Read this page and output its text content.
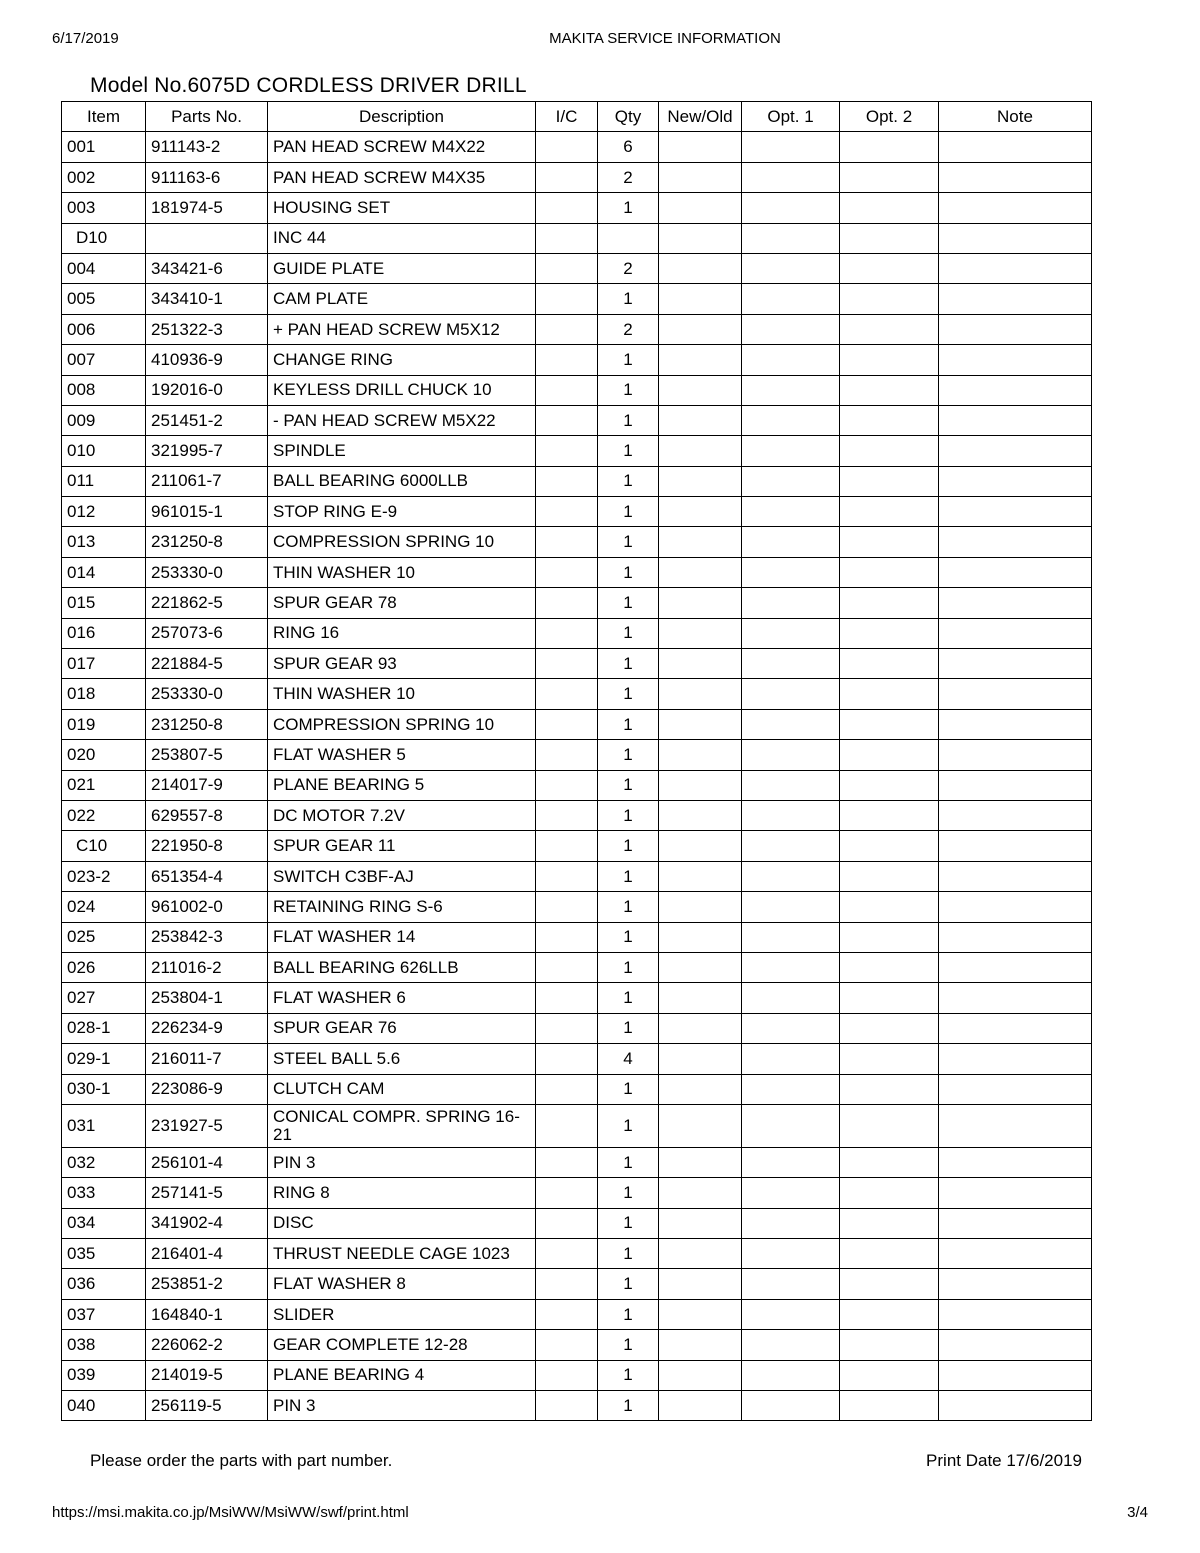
6/17/2019	MAKITA SERVICE INFORMATION
Model No.6075D CORDLESS DRIVER DRILL
Item	Parts No.	Description	I/C	Qty	New/Old	Opt. 1	Opt. 2	Note
001	911143-2	PAN HEAD SCREW M4X22		6				
002	911163-6	PAN HEAD SCREW M4X35		2				
003	181974-5	HOUSING SET		1				
D10		INC 44						
004	343421-6	GUIDE PLATE		2				
005	343410-1	CAM PLATE		1				
006	251322-3	+ PAN HEAD SCREW M5X12		2				
007	410936-9	CHANGE RING		1				
008	192016-0	KEYLESS DRILL CHUCK 10		1				
009	251451-2	- PAN HEAD SCREW M5X22		1				
010	321995-7	SPINDLE		1				
011	211061-7	BALL BEARING 6000LLB		1				
012	961015-1	STOP RING E-9		1				
013	231250-8	COMPRESSION SPRING 10		1				
014	253330-0	THIN WASHER 10		1				
015	221862-5	SPUR GEAR 78		1				
016	257073-6	RING 16		1				
017	221884-5	SPUR GEAR 93		1				
018	253330-0	THIN WASHER 10		1				
019	231250-8	COMPRESSION SPRING 10		1				
020	253807-5	FLAT WASHER 5		1				
021	214017-9	PLANE BEARING 5		1				
022	629557-8	DC MOTOR 7.2V		1				
C10	221950-8	SPUR GEAR 11		1				
023-2	651354-4	SWITCH C3BF-AJ		1				
024	961002-0	RETAINING RING S-6		1				
025	253842-3	FLAT WASHER 14		1				
026	211016-2	BALL BEARING 626LLB		1				
027	253804-1	FLAT WASHER 6		1				
028-1	226234-9	SPUR GEAR 76		1				
029-1	216011-7	STEEL BALL 5.6		4				
030-1	223086-9	CLUTCH CAM		1				
031	231927-5	CONICAL COMPR. SPRING 16-21		1				
032	256101-4	PIN 3		1				
033	257141-5	RING 8		1				
034	341902-4	DISC		1				
035	216401-4	THRUST NEEDLE CAGE 1023		1				
036	253851-2	FLAT WASHER 8		1				
037	164840-1	SLIDER		1				
038	226062-2	GEAR COMPLETE 12-28		1				
039	214019-5	PLANE BEARING 4		1				
040	256119-5	PIN 3		1				
Please order the parts with part number.	Print Date 17/6/2019
https://msi.makita.co.jp/MsiWW/MsiWW/swf/print.html	3/4
